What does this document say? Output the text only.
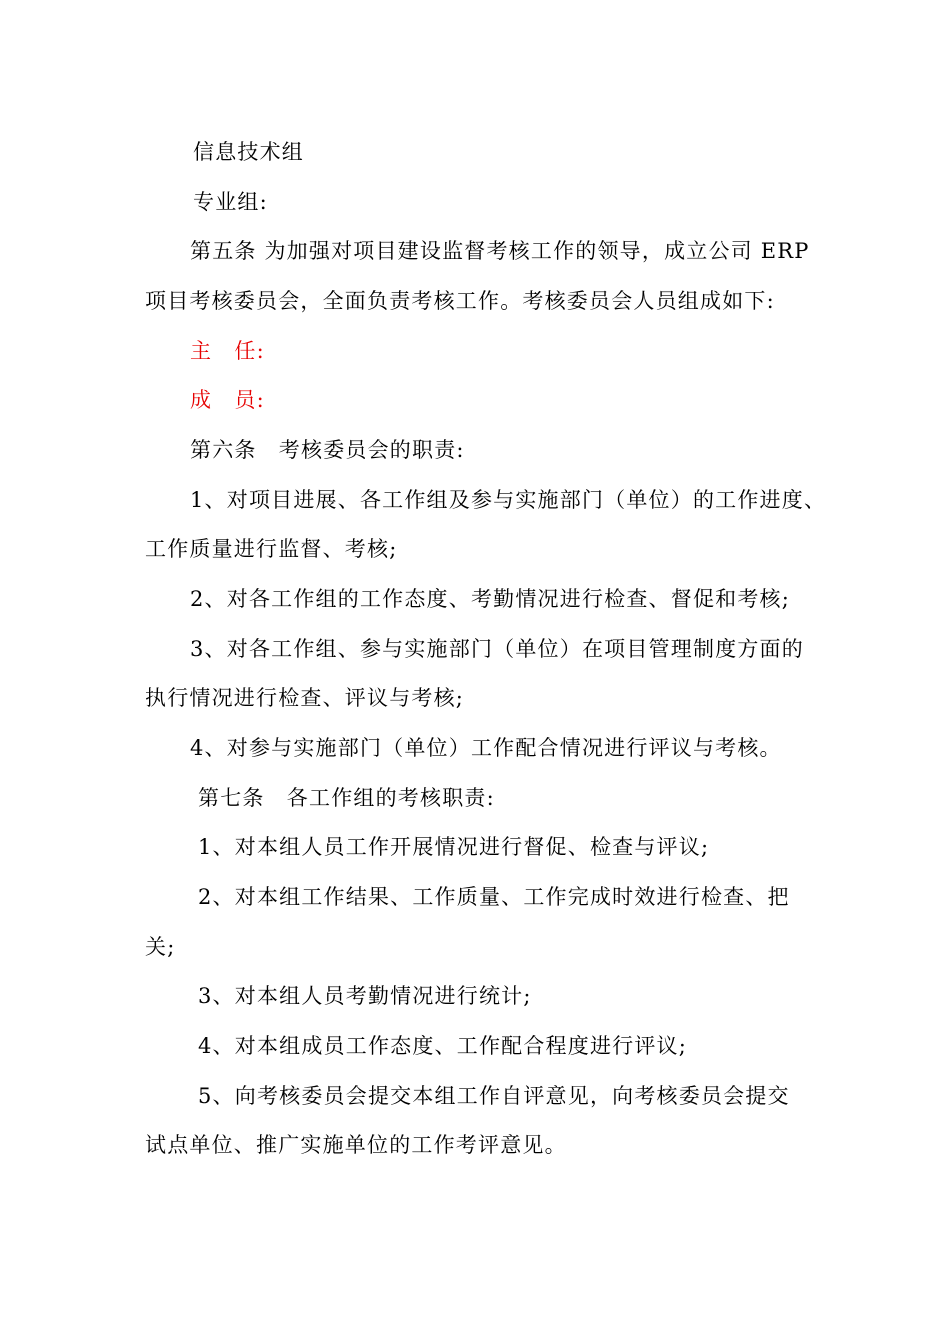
信息技术组
专业组:
第五条 为加强对项目建设监督考核工作的领导，成立公司 ERP
项目考核委员会，全面负责考核工作。考核委员会人员组成如下:
主　任:
成　员:
第六条　考核委员会的职责:
1、对项目进展、各工作组及参与实施部门（单位）的工作进度、
工作质量进行监督、考核;
2、对各工作组的工作态度、考勤情况进行检查、督促和考核;
3、对各工作组、参与实施部门（单位）在项目管理制度方面的
执行情况进行检查、评议与考核;
4、对参与实施部门（单位）工作配合情况进行评议与考核。
第七条　各工作组的考核职责:
1、对本组人员工作开展情况进行督促、检查与评议;
2、对本组工作结果、工作质量、工作完成时效进行检查、把
关;
3、对本组人员考勤情况进行统计;
4、对本组成员工作态度、工作配合程度进行评议;
5、向考核委员会提交本组工作自评意见，向考核委员会提交
试点单位、推广实施单位的工作考评意见。
